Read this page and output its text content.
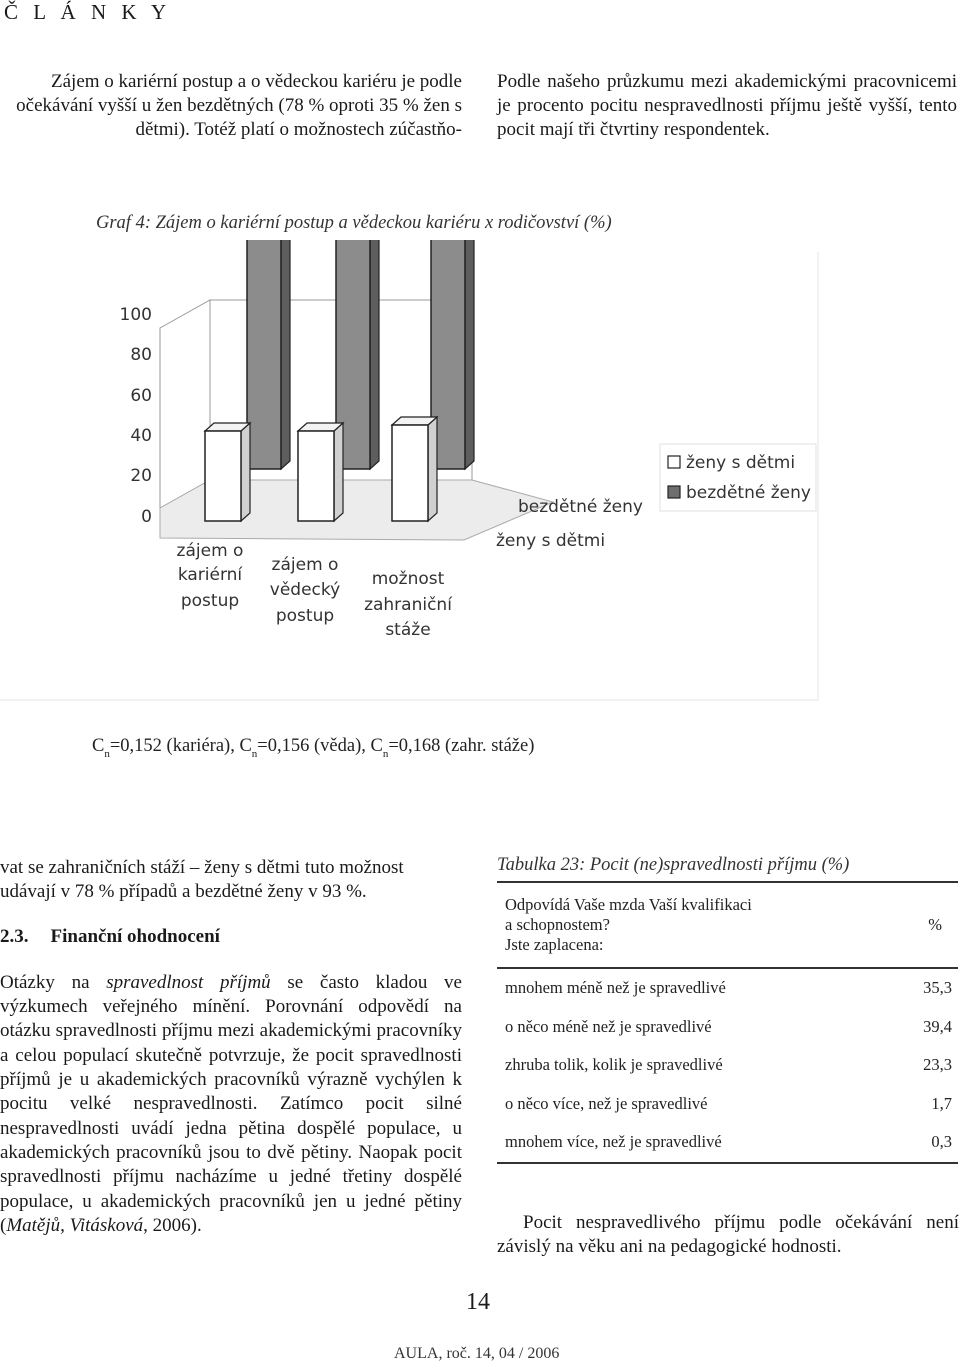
Č L Á N K Y

Zájem o kariérní postup a o vědeckou kariéru je podle očekávání vyšší u žen bezdětných (78 % oproti 35 % žen s dětmi). Totéž platí o možnostech zúčastňo-

Podle našeho průzkumu mezi akademickými pracovnicemi je procento pocitu nespravedlnosti příjmu ještě vyšší, tento pocit mají tři čtvrtiny respondentek.

Graf 4: Zájem o kariérní postup a vědeckou kariéru x rodičovství (%)
100
80
60
40
20
0
zájem o
kariérní
postup
zájem o
vědecký
postup
možnost
zahraniční
stáže
bezdětné ženy
ženy s dětmi
ženy s dětmi
bezdětné ženy
$C_n=0,152$ (kariéra), $C_n=0,156$ (věda), $C_n=0,168$ (zahr. stáže)

vat se zahraničních stáží – ženy s dětmi tuto možnost udávají v 78 % případů a bezdětné ženy v 93 %.

2.3. Finanční ohodnocení

Otázky na spravedlnost příjmů se často kladou ve výzkumech veřejného mínění. Porovnání odpovědí na otázku spravedlnosti příjmu mezi akademickými pracovníky a celou populací skutečně potvrzuje, že pocit spravedlnosti příjmů je u akademických pracovníků výrazně vychýlen k pocitu velké nespravedlnosti. Zatímco pocit silné nespravedlnosti uvádí jedna pětina dospělé populace, u akademických pracovníků jsou to dvě pětiny. Naopak pocit spravedlnosti příjmu nacházíme u jedné třetiny dospělé populace, u akademických pracovníků jen u jedné pětiny (Matějů, Vitásková, 2006).

Tabulka 23: Pocit (ne)spravedlnosti příjmu (%)
Odpovídá Vaše mzda Vaší kvalifikaci
a schopnostem?
Jste zaplacena:	%
mnohem méně než je spravedlivé	35,3
o něco méně než je spravedlivé	39,4
zhruba tolik, kolik je spravedlivé	23,3
o něco více, než je spravedlivé	1,7
mnohem více, než je spravedlivé	0,3

Pocit nespravedlivého příjmu podle očekávání není závislý na věku ani na pedagogické hodnosti.

14
AULA, roč. 14, 04 / 2006
